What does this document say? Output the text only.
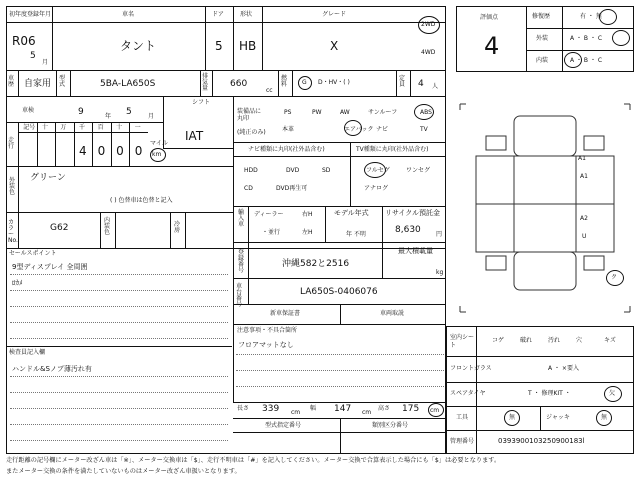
初年度登録年月	車名	ドア	形状	グレード
R06
5
月
タント	5 HB	X
2WD
4WD
車歴 自家用
型式	5BA-LA650S
排気量 660
cc
燃料	G D・HV・( )
定員 4 人
車検	9	年 5	月
シフト
IAT
走行
記号 十 万 千 百 十 一
4 0 0 0
マイル
km
外装色
グリーン
( ) 色替車は色替と記入
カラーNo.
G62
内装色
冷房
装備品に丸印
(純正のみ)
PS	PW	AW	サンルーフ	ABS
本革	エアバック ナビ	TV
ナビ種類に丸印(社外品含む)	TV種類に丸印(社外品含む)
HDD	DVD	SD
CD	DVD再生可
フルセグ	ワンセグ
アナログ
輸入車
ディーラー
・並行
右H
左H
モデル年式
年 不明
リサイクル預託金
8,630	円
最大積載量
kg
登録番号
沖縄582と2516
車台番号
LA650S-0406076
新車保証書	車両取説
セールスポイント
9型ディスプレイ 全周囲
ﾛｶﾒ
注意事項・不具合箇所
フロアマットなし
検査員記入欄
ハンドル&Sノブ薄汚れ有
長さ 339 cm
幅 147 cm
高さ 175 cm
型式指定番号	類別区分番号
評価点
4
修復歴	有 ・ 無
外装	A ・ B ・ C
内装	A ・ B ・ C
A1
A1
A2
U
ク
室内シート
コゲ	破れ	汚れ	穴	キズ
フロントガラス	A ・ ×要入
スペアタイヤ	T ・ 修理KIT ・	欠
工具	無	ジャッキ	無
管理番号	0393900103250900183l
走行距離の記号欄にメーター改ざん車は「※」、メーター交換車は「$」、走行不明車は「#」を記入してください。メーター交換で合算表示した場合にも「$」は必要となります。
またメーター交換の条件を満たしていないものはメーター改ざん車扱いとなります。
